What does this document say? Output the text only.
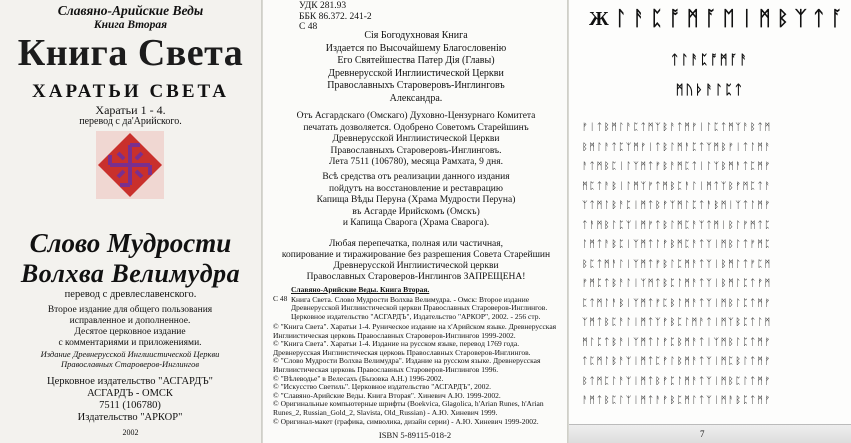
Славяно-Арийские Веды
Книга Вторая
Книга Света
ХАРАТЬИ СВЕТА
Харатьи 1 - 4.
перевод с да'Арийского.
Слово Мудрости
Волхва Велимудра
перевод с древлеславенского.
Второе издание для общего пользования
исправленное и дополненное.
Десятое церковное издание
с комментариями и приложениями.
Издание Древнерусской Инглиистической Церкви
Православных Староверов-Инглингов
Церковное издательство "АСГАРДЪ"
АСГАРДЪ - ОМСК
7511 (106780)
Издательство "АРКОР"
2002
УДК 281.93
ББК 86.372. 241-2
С 48
Сія Богодухновая Книга
Издается по Высочайшему Благословенію
Его Святейшества Патер Дія (Главы)
Древнерусской Инглиистической Церкви
Православныхъ Староверовъ-Инглинговъ
Александра.
Отъ Асгардскаго (Омскаго) Духовно-Цензурнаго Комитета
печатать дозволяется. Одобрено Советомъ Старейшинъ
Древнерусской Инглиистической Церкви
Православныхъ Староверовъ-Инглинговъ.
Лета 7511 (106780), месяца Рамхата, 9 дня.
Всѣ средства отъ реализации данного издания
пойдутъ на восстановление и реставрацию
Капища Вѣды Перуна (Храма Мудрости Перуна)
въ Асгарде Ирийскомъ (Омскъ)
и Капища Сварога (Храма Сварога).
Любая перепечатка, полная или частичная,
копирование и тиражирование без разрешения Совета Старейшин
Древнерусской Инглиистической церкви
Православных Староверов-Инглингов ЗАПРЕЩЕНА!
Славяно-Арийские Веды. Книга Вторая.
С 48 Книга Света. Слово Мудрости Волхва Велимудра. - Омск: Второе издание Древнерусской Инглиистической церкви Православных Староверов-Инглингов. Церковное издательство "АСГАРДЪ", Издательство "АРКОР", 2002. - 256 стр.

© "Книга Света". Харатьи 1-4. Руническое издание на х'Арийском языке. Древнерусская Инглиистическая церковь Православных Староверов-Инглингов 1999-2002.

© "Книга Света". Харатьи 1-4. Издание на русском языке, перевод 1769 года. Древнерусская Инглиистическая церковь Православных Староверов-Инглингов.

© "Слово Мудрости Волхва Велимудра". Издание на русском языке. Древнерусская Инглиистическая церковь Православных Староверов-Инглингов 1996.

© "Вѣлеводье" в Велесахъ (Бызовка А.Н.) 1996-2002.

© "Искусство Светиль". Церковное издательство "АСГАРДЪ", 2002.

© "Славяно-Арийские Веды. Книга Вторая". Хиневич А.Ю. 1999-2002.

© Оригинальные компьютерные шрифты (Boekvica, Glagolica, h'Arian Runes, h'Arian Runes_2, Russian_Gold_2, Slavista, Old_Russian) - А.Ю. Хиневич 1999.

© Оригинал-макет (графика, символика, дизайн серии) - А.Ю. Хиневич 1999-2002.

ISBN 5-89115-018-2
Жᛚᚨᛈᚩᛗᚪᛖᛁᛗᛒᛉᛏᚪ
ᛏᛚᚨᛈᚩᛗᚪᚨ
ᛗᚢᚦᚨᛚᛈᛏ
ᚠᛁᛏᛒᛗᛚᚨᛈᛏᛗᛉᛒᚨᛏᛗᚠᛁᛚᛈᛏᛗᛉᚨᛒᛏᛗ
ᛒᛗᛚᚨᛏᛈᛉᛗᚠᛁᛏᛒᛚᛗᚨᛈᛏᛉᛗᛒᚠᛁᛏᛚᛗᚨ
ᚨᛏᛗᛒᛈᛁᛚᛉᛗᛏᚠᛒᚨᛗᛈᛏᛁᛚᛉᛒᛗᚨᛏᛈᛗᚠ
ᛗᛈᛏᚨᛒᛁᛚᛗᛉᚠᛏᛗᛒᛈᚨᛚᛁᛗᛏᛉᛒᚠᛗᛈᛏᚨ
ᛉᛏᛗᛚᛒᚨᛈᛁᛗᛏᛒᚠᛉᛗᛚᛈᛏᚨᛒᛗᛁᛉᛏᛚᛗᚠ
ᛏᚨᛗᛒᛚᛈᛉᛁᛗᚠᛏᛒᛚᛗᛈᚨᛉᛏᛗᛁᛒᛚᚠᛗᛏᛈ
ᛚᛗᛏᚨᛒᛈᛁᛉᛗᛏᛚᚠᛒᛗᛈᚨᛏᛉᛁᛗᛒᛚᛏᚠᛗᛈ
ᛒᛈᛏᛗᚨᛚᛁᛉᛗᛏᚠᛒᛚᛈᛗᚨᛏᛉᛁᛒᛗᛚᛏᚠᛈᛗ
ᚠᛗᛈᛏᛒᚨᛚᛁᛉᛗᛏᛒᛈᛚᛗᚨᛏᛉᛁᛒᛗᛚᛈᛏᚠᛗ
ᛈᛏᛗᛚᚨᛒᛁᛉᛗᛏᚠᛈᛒᛚᛗᚨᛏᛉᛁᛗᛒᛚᛈᛏᛗᚠ
ᛉᛗᛏᛒᛈᚨᛚᛁᛗᛏᛉᚠᛒᛈᛚᛗᚨᛏᛁᛗᛉᛒᛈᛏᛚᛗ
ᛗᛚᛈᛏᛒᚨᛁᛉᛗᛏᛚᚠᛈᛒᛗᚨᛏᛁᛉᛗᛒᛚᛈᛏᛗᚠ
ᛏᛈᛗᛚᛒᚨᛉᛁᛗᛏᛈᚠᛚᛒᛗᚨᛏᛉᛁᛗᛈᛒᛚᛏᛗᚠ
ᛒᛏᛗᛈᛚᚨᛉᛁᛗᛏᛒᚠᛈᛚᛗᚨᛏᛉᛁᛗᛒᛈᛚᛏᛗᚠ
ᚨᛗᛏᛒᛈᛚᛉᛁᛗᛏᚨᚠᛒᛈᛗᛚᛏᛉᛁᛗᚨᛒᛈᛏᛗᚠ
7
